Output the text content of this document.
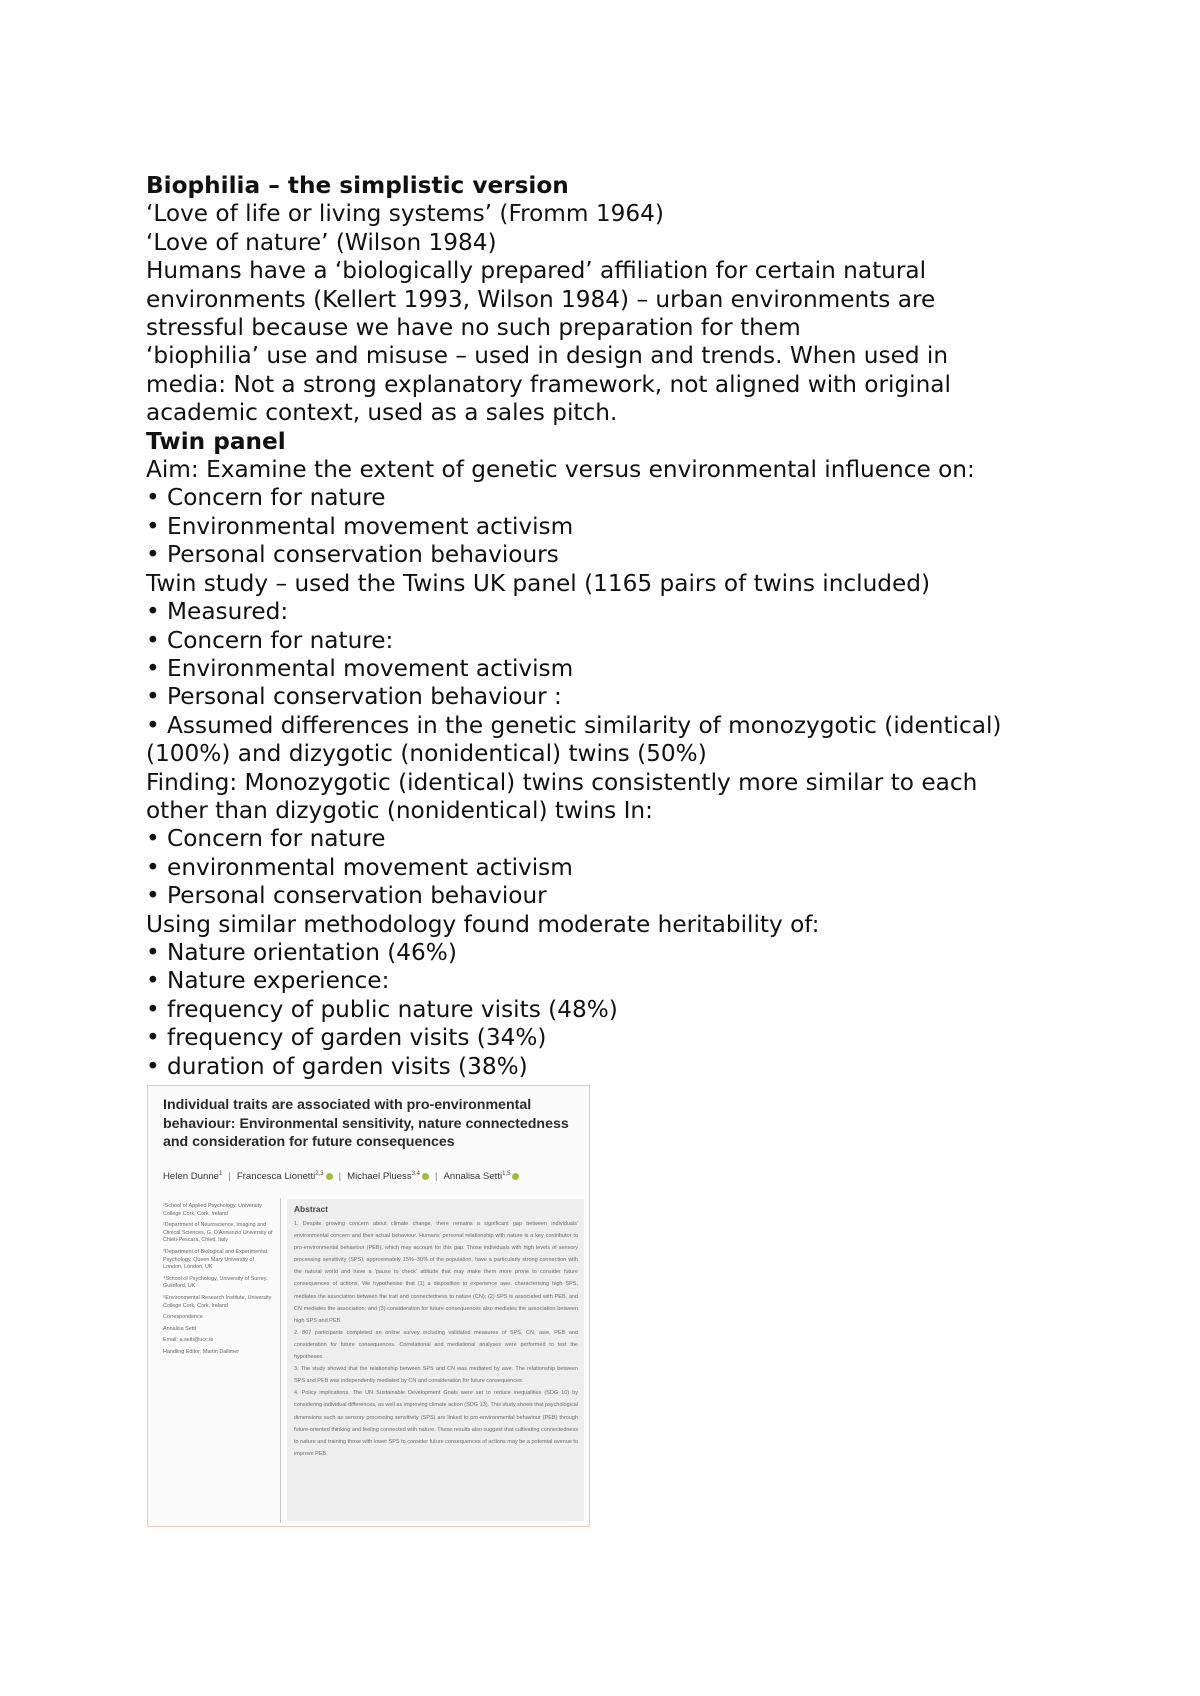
Biophilia – the simplistic version
‘Love of life or living systems’ (Fromm 1964)
‘Love of nature’ (Wilson 1984)
Humans have a ‘biologically prepared’ affiliation for certain natural
environments (Kellert 1993, Wilson 1984) – urban environments are
stressful because we have no such preparation for them
‘biophilia’ use and misuse – used in design and trends. When used in
media: Not a strong explanatory framework, not aligned with original
academic context, used as a sales pitch.
Twin panel
Aim: Examine the extent of genetic versus environmental influence on:
• Concern for nature
• Environmental movement activism
• Personal conservation behaviours
Twin study – used the Twins UK panel (1165 pairs of twins included)
• Measured:
• Concern for nature:
• Environmental movement activism
• Personal conservation behaviour :
• Assumed differences in the genetic similarity of monozygotic (identical)
(100%) and dizygotic (nonidentical) twins (50%)
Finding: Monozygotic (identical) twins consistently more similar to each
other than dizygotic (nonidentical) twins In:
• Concern for nature
• environmental movement activism
• Personal conservation behaviour
Using similar methodology found moderate heritability of:
• Nature orientation (46%)
• Nature experience:
• frequency of public nature visits (48%)
• frequency of garden visits (34%)
• duration of garden visits (38%)
Individual traits are associated with pro-environmental behaviour: Environmental sensitivity, nature connectedness and consideration for future consequences
Helen Dunne$^1$ | Francesca Lionetti$^{2,3}$ | Michael Pluess$^{3,4}$ | Annalisa Setti$^{1,5}$

¹School of Applied Psychology, University College Cork, Cork, Ireland

²Department of Neuroscience, Imaging and Clinical Sciences, G. D'Annunzio University of Chieti-Pescara, Chieti, Italy

³Department of Biological and Experimental Psychology, Queen Mary University of London, London, UK

⁴School of Psychology, University of Surrey, Guildford, UK

⁵Environmental Research Institute, University College Cork, Cork, Ireland

Correspondence

Annalisa Setti

Email: a.setti@ucc.ie

Handling Editor: Martin Dallimer

Abstract

1. Despite growing concern about climate change, there remains a significant gap between individuals' environmental concern and their actual behaviour. Humans' personal relationship with nature is a key contributor to pro-environmental behaviour (PEB), which may account for this gap. Those individuals with high levels of sensory processing sensitivity (SPS), approximately 15%–30% of the population, have a particularly strong connection with the natural world and have a 'pause to check' attitude that may make them more prone to consider future consequences of actions. We hypothesise that (1) a disposition to experience awe, characterising high SPS, mediates the association between the trait and connectedness to nature (CN); (2) SPS is associated with PEB, and CN mediates the association; and (3) consideration for future consequences also mediates the association between high SPS and PEB.

2. 807 participants completed an online survey including validated measures of SPS, CN, awe, PEB and consideration for future consequences. Correlational and mediational analyses were performed to test the hypotheses.

3. The study showed that the relationship between SPS and CN was mediated by awe. The relationship between SPS and PEB was independently mediated by CN and consideration for future consequences.

4. Policy implications. The UN Sustainable Development Goals were set to reduce inequalities (SDG 10) by considering individual differences, as well as improving climate action (SDG 13). This study shows that psychological dimensions such as sensory processing sensitivity (SPS) are linked to pro-environmental behaviour (PEB) through future-oriented thinking and feeling connected with nature. These results also suggest that cultivating connectedness to nature and training those with lower SPS to consider future consequences of actions may be a potential avenue to improve PEB.
